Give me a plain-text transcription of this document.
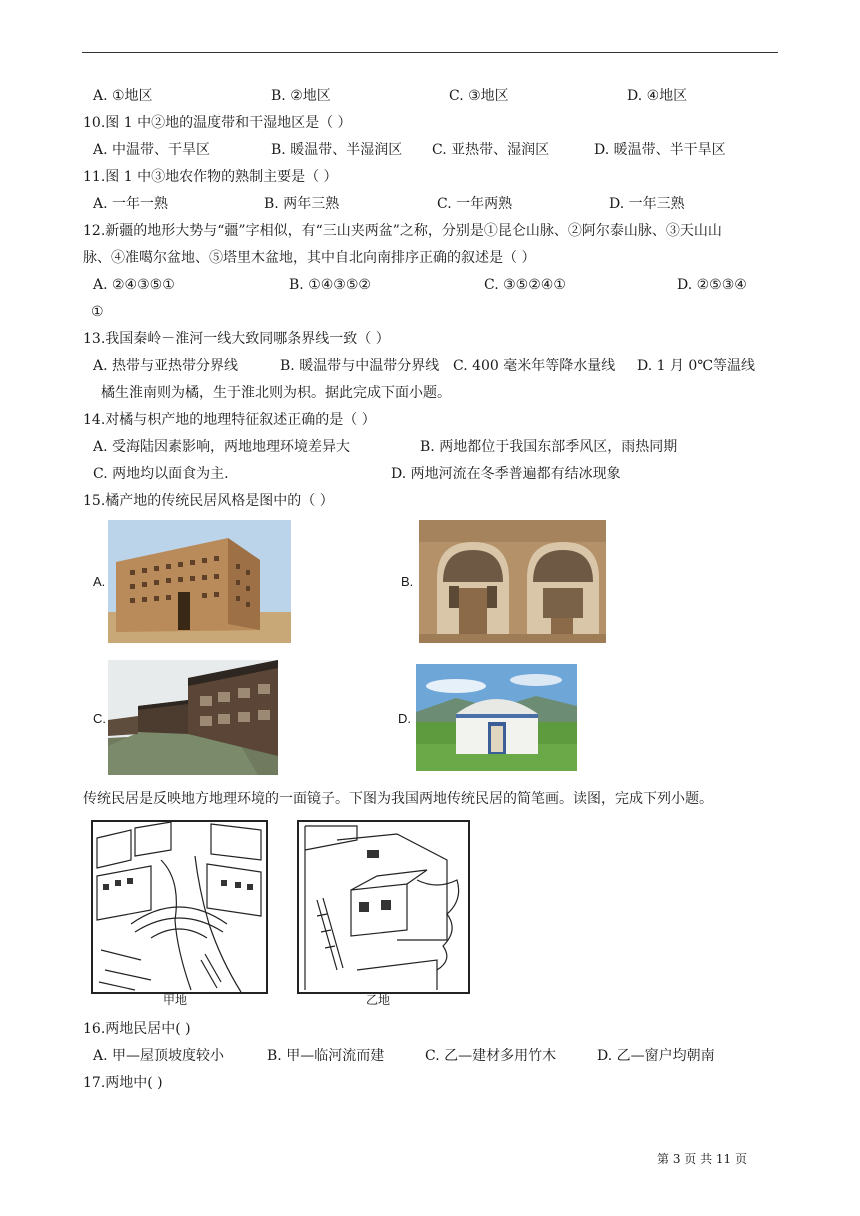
A. ①地区	B. ②地区	C. ③地区	D. ④地区
10.图 1 中②地的温度带和干湿地区是（ ）
A. 中温带、干旱区	B. 暖温带、半湿润区 C. 亚热带、湿润区	D. 暖温带、半干旱区
11.图 1 中③地农作物的熟制主要是（ ）
A. 一年一熟	B. 两年三熟	C. 一年两熟	D. 一年三熟
12.新疆的地形大势与“疆”字相似，有“三山夹两盆”之称，分别是①昆仑山脉、②阿尔泰山脉、③天山山
脉、④准噶尔盆地、⑤塔里木盆地，其中自北向南排序正确的叙述是（ ）
A. ②④③⑤①	B. ①④③⑤②	C. ③⑤②④①	D. ②⑤③④
①
13.我国秦岭－淮河一线大致同哪条界线一致（ ）
A. 热带与亚热带分界线	B. 暖温带与中温带分界线 C. 400 毫米年等降水量线 D. 1 月 0℃等温线
橘生淮南则为橘，生于淮北则为枳。据此完成下面小题。
14.对橘与枳产地的地理特征叙述正确的是（ ）
A. 受海陆因素影响，两地地理环境差异大	B. 两地都位于我国东部季风区，雨热同期
C. 两地均以面食为主.	D. 两地河流在冬季普遍都有结冰现象
15.橘产地的传统民居风格是图中的（ ）
A.	B.
C.	D.
传统民居是反映地方地理环境的一面镜子。下图为我国两地传统民居的简笔画。读图，完成下列小题。
甲地	乙地
16.两地民居中( )
A. 甲—屋顶坡度较小	B. 甲—临河流而建	C. 乙—建材多用竹木	D. 乙—窗户均朝南
17.两地中( )
第 3 页 共 11 页
